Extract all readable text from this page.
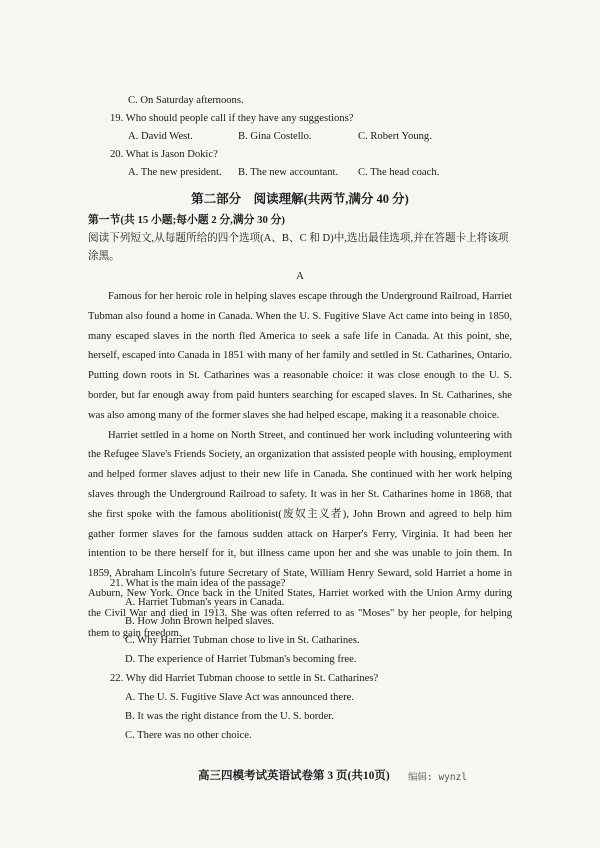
C. On Saturday afternoons.
19. Who should people call if they have any suggestions?
A. David West.	B. Gina Costello.	C. Robert Young.
20. What is Jason Dokic?
A. The new president. B. The new accountant. C. The head coach.
第二部分　阅读理解(共两节,满分 40 分)
第一节(共 15 小题;每小题 2 分,满分 30 分)
阅读下列短文,从每题所给的四个选项(A、B、C 和 D)中,选出最佳选项,并在答题卡上将该项
涂黑。
A

Famous for her heroic role in helping slaves escape through the Underground Railroad, Harriet Tubman also found a home in Canada. When the U. S. Fugitive Slave Act came into being in 1850, many escaped slaves in the north fled America to seek a safe life in Canada. At this point, she, herself, escaped into Canada in 1851 with many of her family and settled in St. Catharines, Ontario. Putting down roots in St. Catharines was a reasonable choice: it was close enough to the U. S. border, but far enough away from paid hunters searching for escaped slaves. In St. Catharines, she was also among many of the former slaves she had helped escape, making it a reasonable choice.

Harriet settled in a home on North Street, and continued her work including volunteering with the Refugee Slave's Friends Society, an organization that assisted people with housing, employment and helped former slaves adjust to their new life in Canada. She continued with her work helping slaves through the Underground Railroad to safety. It was in her St. Catharines home in 1868, that she first spoke with the famous abolitionist(废奴主义者), John Brown and agreed to help him gather former slaves for the famous sudden attack on Harper's Ferry, Virginia. It had been her intention to be there herself for it, but illness came upon her and she was unable to join them. In 1859, Abraham Lincoln's future Secretary of State, William Henry Seward, sold Harriet a home in Auburn, New York. Once back in the United States, Harriet worked with the Union Army during the Civil War and died in 1913. She was often referred to as "Moses" by her people, for helping them to gain freedom.

21. What is the main idea of the passage?
A. Harriet Tubman's years in Canada.
B. How John Brown helped slaves.
C. Why Harriet Tubman chose to live in St. Catharines.
D. The experience of Harriet Tubman's becoming free.
22. Why did Harriet Tubman choose to settle in St. Catharines?
A. The U. S. Fugitive Slave Act was announced there.
B. It was the right distance from the U. S. border.
C. There was no other choice.
高三四模考试英语试卷第 3 页(共10页) 编辑: wynzl
